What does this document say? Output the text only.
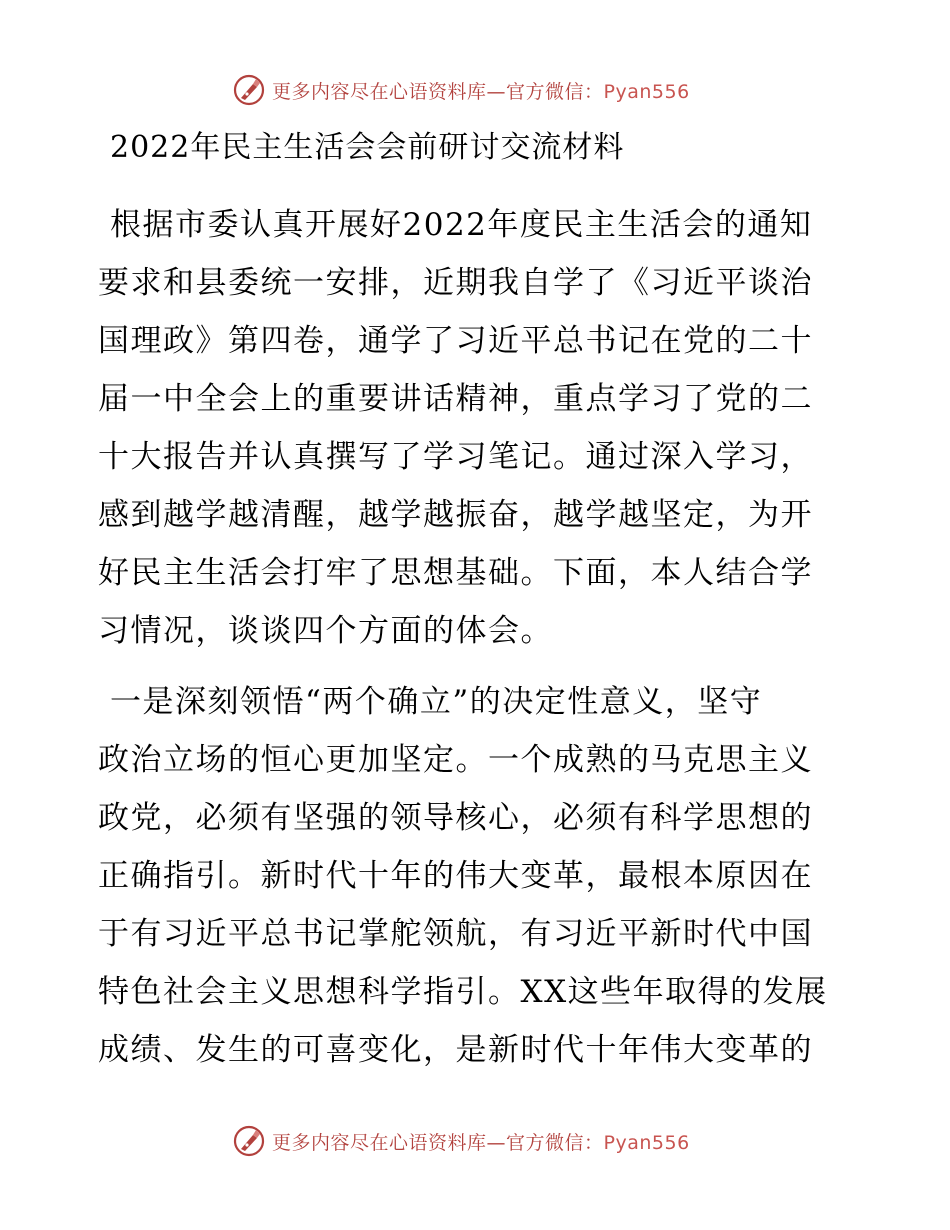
更多内容尽在心语资料库—官方微信：Pyan556
2022年民主生活会会前研讨交流材料
根据市委认真开展好2022年度民主生活会的通知
要求和县委统一安排，近期我自学了《习近平谈治
国理政》第四卷，通学了习近平总书记在党的二十
届一中全会上的重要讲话精神，重点学习了党的二
十大报告并认真撰写了学习笔记。通过深入学习，
感到越学越清醒，越学越振奋，越学越坚定，为开
好民主生活会打牢了思想基础。下面，本人结合学
习情况，谈谈四个方面的体会。
一是深刻领悟“两个确立”的决定性意义，坚守
政治立场的恒心更加坚定。一个成熟的马克思主义
政党，必须有坚强的领导核心，必须有科学思想的
正确指引。新时代十年的伟大变革，最根本原因在
于有习近平总书记掌舵领航，有习近平新时代中国
特色社会主义思想科学指引。XX这些年取得的发展
成绩、发生的可喜变化，是新时代十年伟大变革的
更多内容尽在心语资料库—官方微信：Pyan556
